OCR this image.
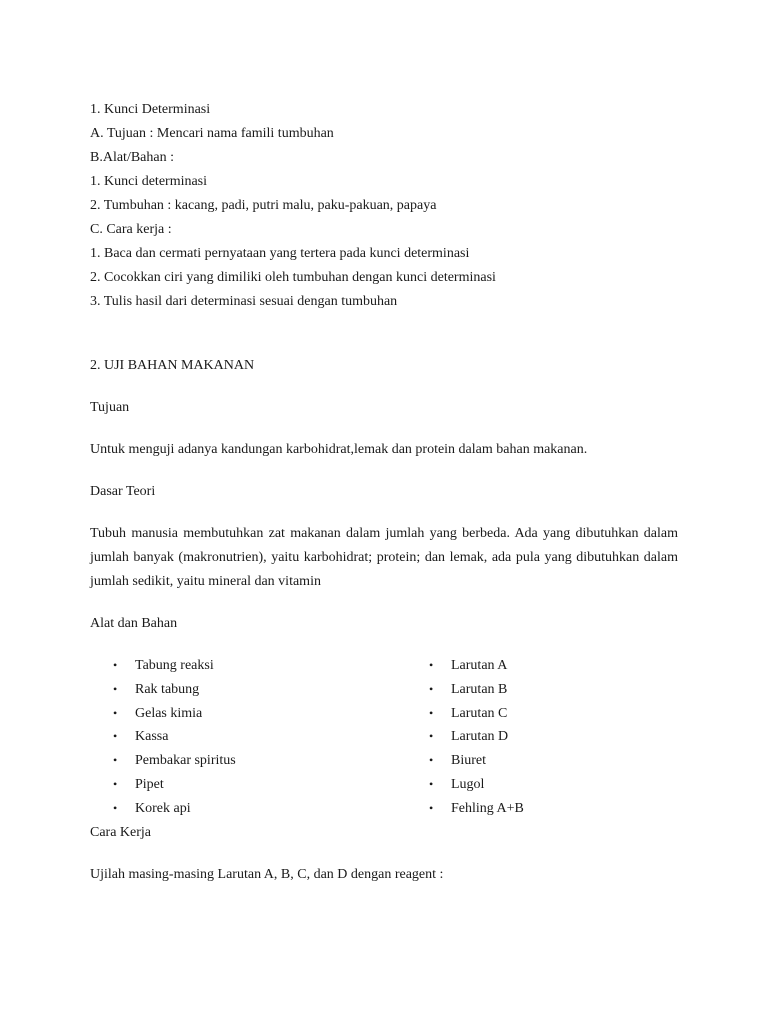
1. Kunci Determinasi
A. Tujuan : Mencari nama famili tumbuhan
B.Alat/Bahan :
1. Kunci determinasi
2. Tumbuhan : kacang, padi, putri malu, paku-pakuan, papaya
C. Cara kerja :
1. Baca dan cermati pernyataan yang tertera pada kunci determinasi
2. Cocokkan ciri yang dimiliki oleh tumbuhan dengan kunci determinasi
3. Tulis hasil dari determinasi sesuai dengan tumbuhan
2. UJI BAHAN MAKANAN
Tujuan
Untuk menguji adanya kandungan karbohidrat,lemak dan protein dalam bahan makanan.
Dasar Teori

Tubuh manusia membutuhkan zat makanan dalam jumlah yang berbeda. Ada yang dibutuhkan dalam jumlah banyak (makronutrien), yaitu karbohidrat; protein; dan lemak, ada pula yang dibutuhkan dalam jumlah sedikit, yaitu mineral dan vitamin

Alat dan Bahan
• Tabung reaksi
• Rak tabung
• Gelas kimia
• Kassa
• Pembakar spiritus
• Pipet
• Korek api
• Larutan A
• Larutan B
• Larutan C
• Larutan D
• Biuret
• Lugol
• Fehling A+B
Cara Kerja
Ujilah masing-masing Larutan A, B, C, dan D dengan reagent :
